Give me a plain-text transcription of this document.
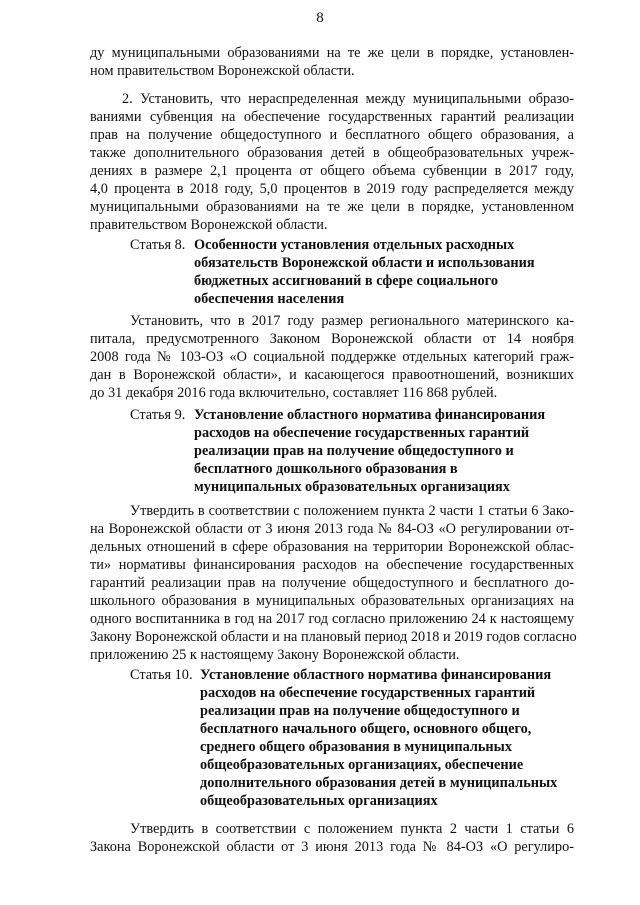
8
ду муниципальными образованиями на те же цели в порядке, установлен-
ном правительством Воронежской области.
2. Установить, что нераспределенная между муниципальными образо-
ваниями субвенция на обеспечение государственных гарантий реализации
прав на получение общедоступного и бесплатного общего образования, а
также дополнительного образования детей в общеобразовательных учреж-
дениях в размере 2,1 процента от общего объема субвенции в 2017 году,
4,0 процента в 2018 году, 5,0 процентов в 2019 году распределяется между
муниципальными образованиями на те же цели в порядке, установленном
правительством Воронежской области.
Статья 8. Особенности установления отдельных расходных
обязательств Воронежской области и использования
бюджетных ассигнований в сфере социального
обеспечения населения
Установить, что в 2017 году размер регионального материнского ка-
питала, предусмотренного Законом Воронежской области от 14 ноября
2008 года № 103-ОЗ «О социальной поддержке отдельных категорий граж-
дан в Воронежской области», и касающегося правоотношений, возникших
до 31 декабря 2016 года включительно, составляет 116 868 рублей.
Статья 9. Установление областного норматива финансирования
расходов на обеспечение государственных гарантий
реализации прав на получение общедоступного и
бесплатного дошкольного образования в
муниципальных образовательных организациях
Утвердить в соответствии с положением пункта 2 части 1 статьи 6 Зако-
на Воронежской области от 3 июня 2013 года № 84-ОЗ «О регулировании от-
дельных отношений в сфере образования на территории Воронежской облас-
ти» нормативы финансирования расходов на обеспечение государственных
гарантий реализации прав на получение общедоступного и бесплатного до-
школьного образования в муниципальных образовательных организациях на
одного воспитанника в год на 2017 год согласно приложению 24 к настоящему
Закону Воронежской области и на плановый период 2018 и 2019 годов согласно
приложению 25 к настоящему Закону Воронежской области.
Статья 10. Установление областного норматива финансирования
расходов на обеспечение государственных гарантий
реализации прав на получение общедоступного и
бесплатного начального общего, основного общего,
среднего общего образования в муниципальных
общеобразовательных организациях, обеспечение
дополнительного образования детей в муниципальных
общеобразовательных организациях
Утвердить в соответствии с положением пункта 2 части 1 статьи 6
Закона Воронежской области от 3 июня 2013 года № 84-ОЗ «О регулиро-
